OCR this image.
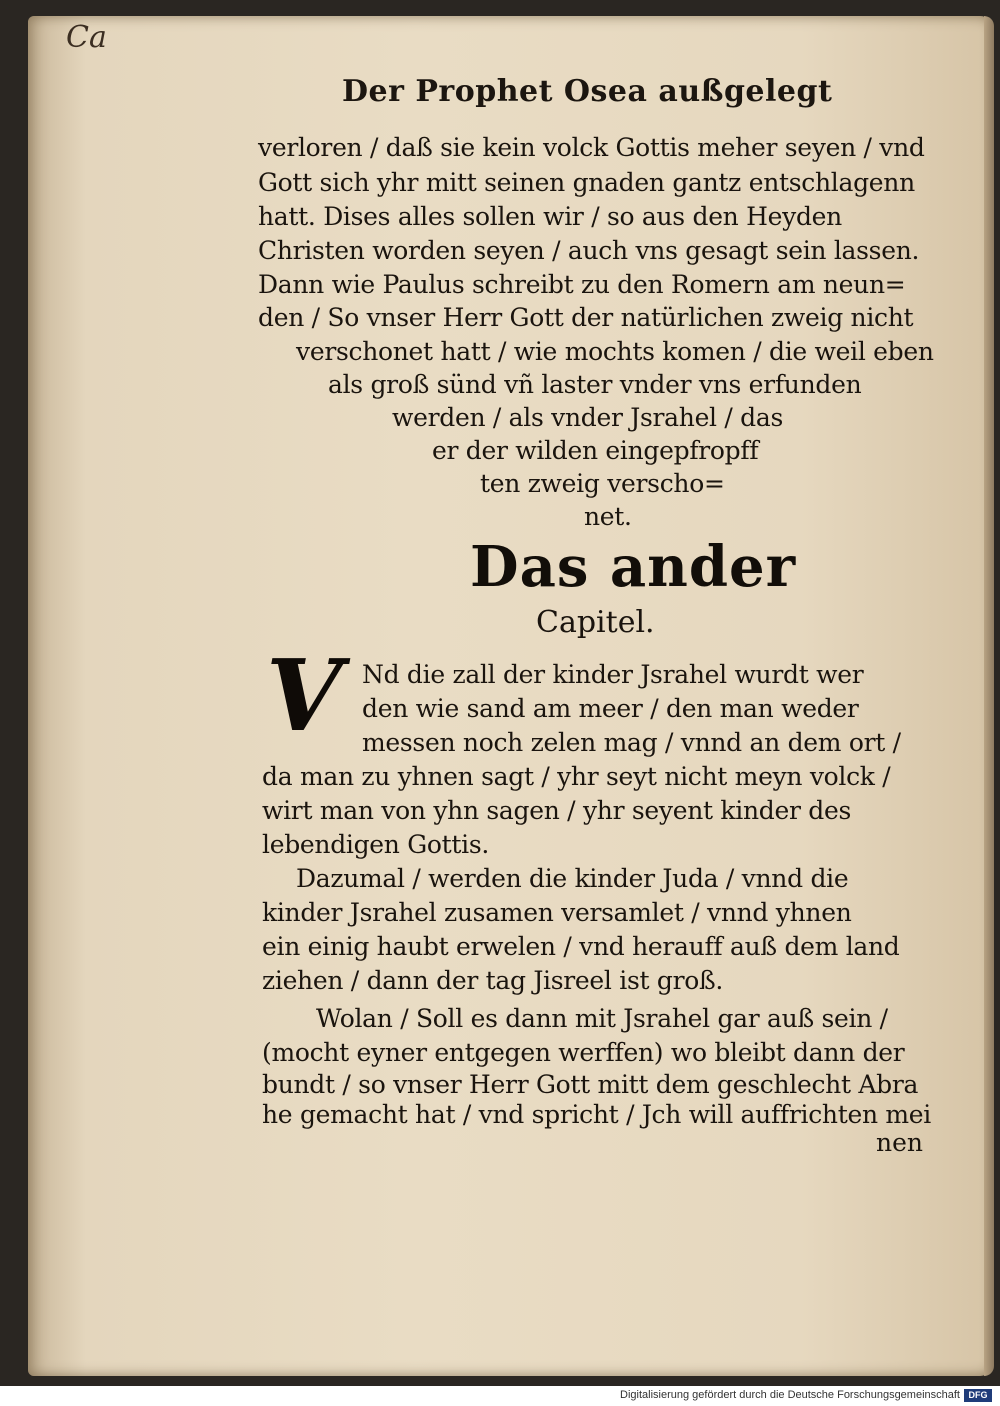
Ca
Der Prophet Osea außgelegt
verloren / daß sie kein volck Gottis meher seyen / vnd
Gott sich yhr mitt seinen gnaden gantz entschlagenn
hatt. Dises alles sollen wir / so aus den Heyden
Christen worden seyen / auch vns gesagt sein lassen.
Dann wie Paulus schreibt zu den Romern am neun=
den / So vnser Herr Gott der natürlichen zweig nicht
verschonet hatt / wie mochts komen / die weil eben
als groß sünd vñ laster vnder vns erfunden
werden / als vnder Jsrahel / das
er der wilden eingepfropff
ten zweig verscho=
net.
Das ander
Capitel.
V Nd die zall der kinder Jsrahel wurdt wer
den wie sand am meer / den man weder
messen noch zelen mag / vnnd an dem ort /
da man zu yhnen sagt / yhr seyt nicht meyn volck /
wirt man von yhn sagen / yhr seyent kinder des
lebendigen Gottis.
Dazumal / werden die kinder Juda / vnnd die
kinder Jsrahel zusamen versamlet / vnnd yhnen
ein einig haubt erwelen / vnd herauff auß dem land
ziehen / dann der tag Jisreel ist groß.
Wolan / Soll es dann mit Jsrahel gar auß sein /
(mocht eyner entgegen werffen) wo bleibt dann der
bundt / so vnser Herr Gott mitt dem geschlecht Abra
he gemacht hat / vnd spricht / Jch will auffrichten mei
nen
Digitalisierung gefördert durch die Deutsche Forschungsgemeinschaft DFG
